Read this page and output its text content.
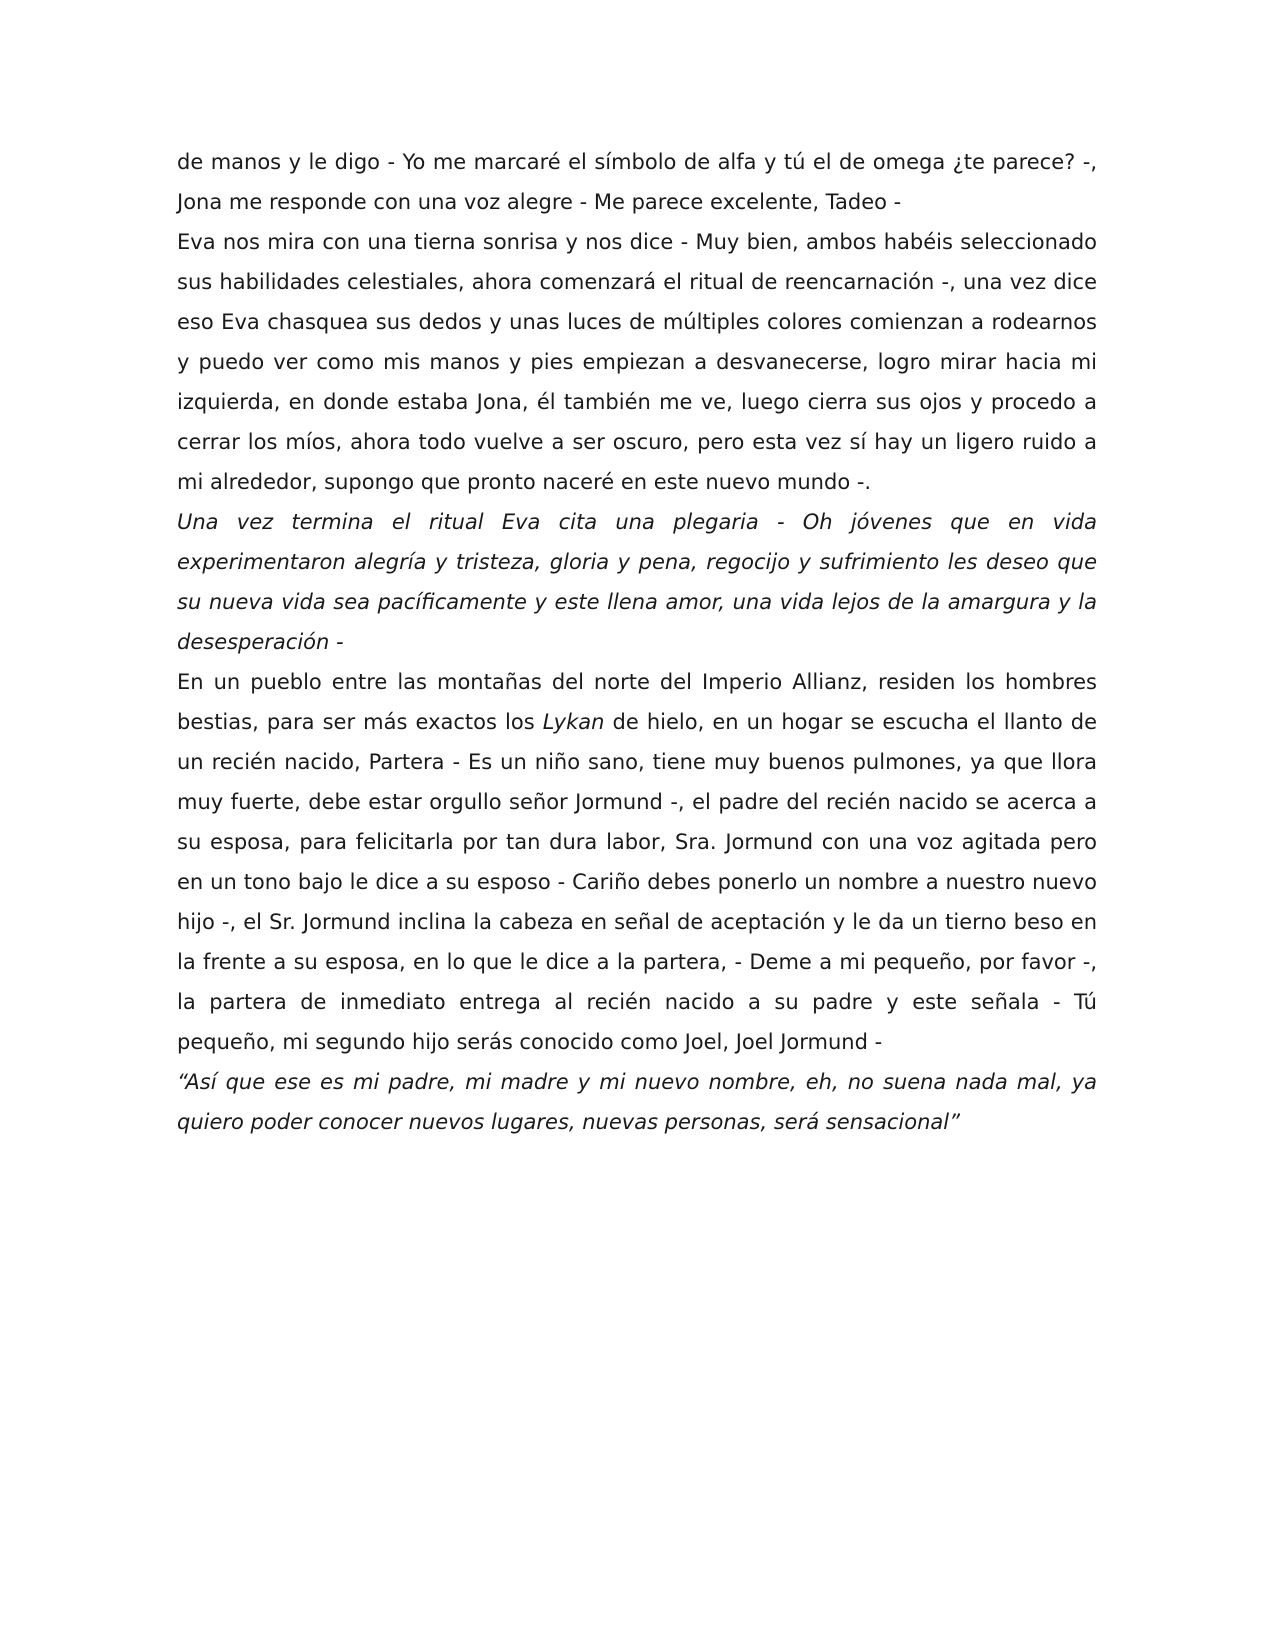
de manos y le digo - Yo me marcaré el símbolo de alfa y tú el de omega ¿te parece? -, Jona me responde con una voz alegre - Me parece excelente, Tadeo -

Eva nos mira con una tierna sonrisa y nos dice - Muy bien, ambos habéis seleccionado sus habilidades celestiales, ahora comenzará el ritual de reencarnación -, una vez dice eso Eva chasquea sus dedos y unas luces de múltiples colores comienzan a rodearnos y puedo ver como mis manos y pies empiezan a desvanecerse, logro mirar hacia mi izquierda, en donde estaba Jona, él también me ve, luego cierra sus ojos y procedo a cerrar los míos, ahora todo vuelve a ser oscuro, pero esta vez sí hay un ligero ruido a mi alrededor, supongo que pronto naceré en este nuevo mundo -.

Una vez termina el ritual Eva cita una plegaria - Oh jóvenes que en vida experimentaron alegría y tristeza, gloria y pena, regocijo y sufrimiento les deseo que su nueva vida sea pacíficamente y este llena amor, una vida lejos de la amargura y la desesperación -

En un pueblo entre las montañas del norte del Imperio Allianz, residen los hombres bestias, para ser más exactos los Lykan de hielo, en un hogar se escucha el llanto de un recién nacido, Partera - Es un niño sano, tiene muy buenos pulmones, ya que llora muy fuerte, debe estar orgullo señor Jormund -, el padre del recién nacido se acerca a su esposa, para felicitarla por tan dura labor, Sra. Jormund con una voz agitada pero en un tono bajo le dice a su esposo - Cariño debes ponerlo un nombre a nuestro nuevo hijo -, el Sr. Jormund inclina la cabeza en señal de aceptación y le da un tierno beso en la frente a su esposa, en lo que le dice a la partera, - Deme a mi pequeño, por favor -, la partera de inmediato entrega al recién nacido a su padre y este señala - Tú pequeño, mi segundo hijo serás conocido como Joel, Joel Jormund -

“Así que ese es mi padre, mi madre y mi nuevo nombre, eh, no suena nada mal, ya quiero poder conocer nuevos lugares, nuevas personas, será sensacional”
